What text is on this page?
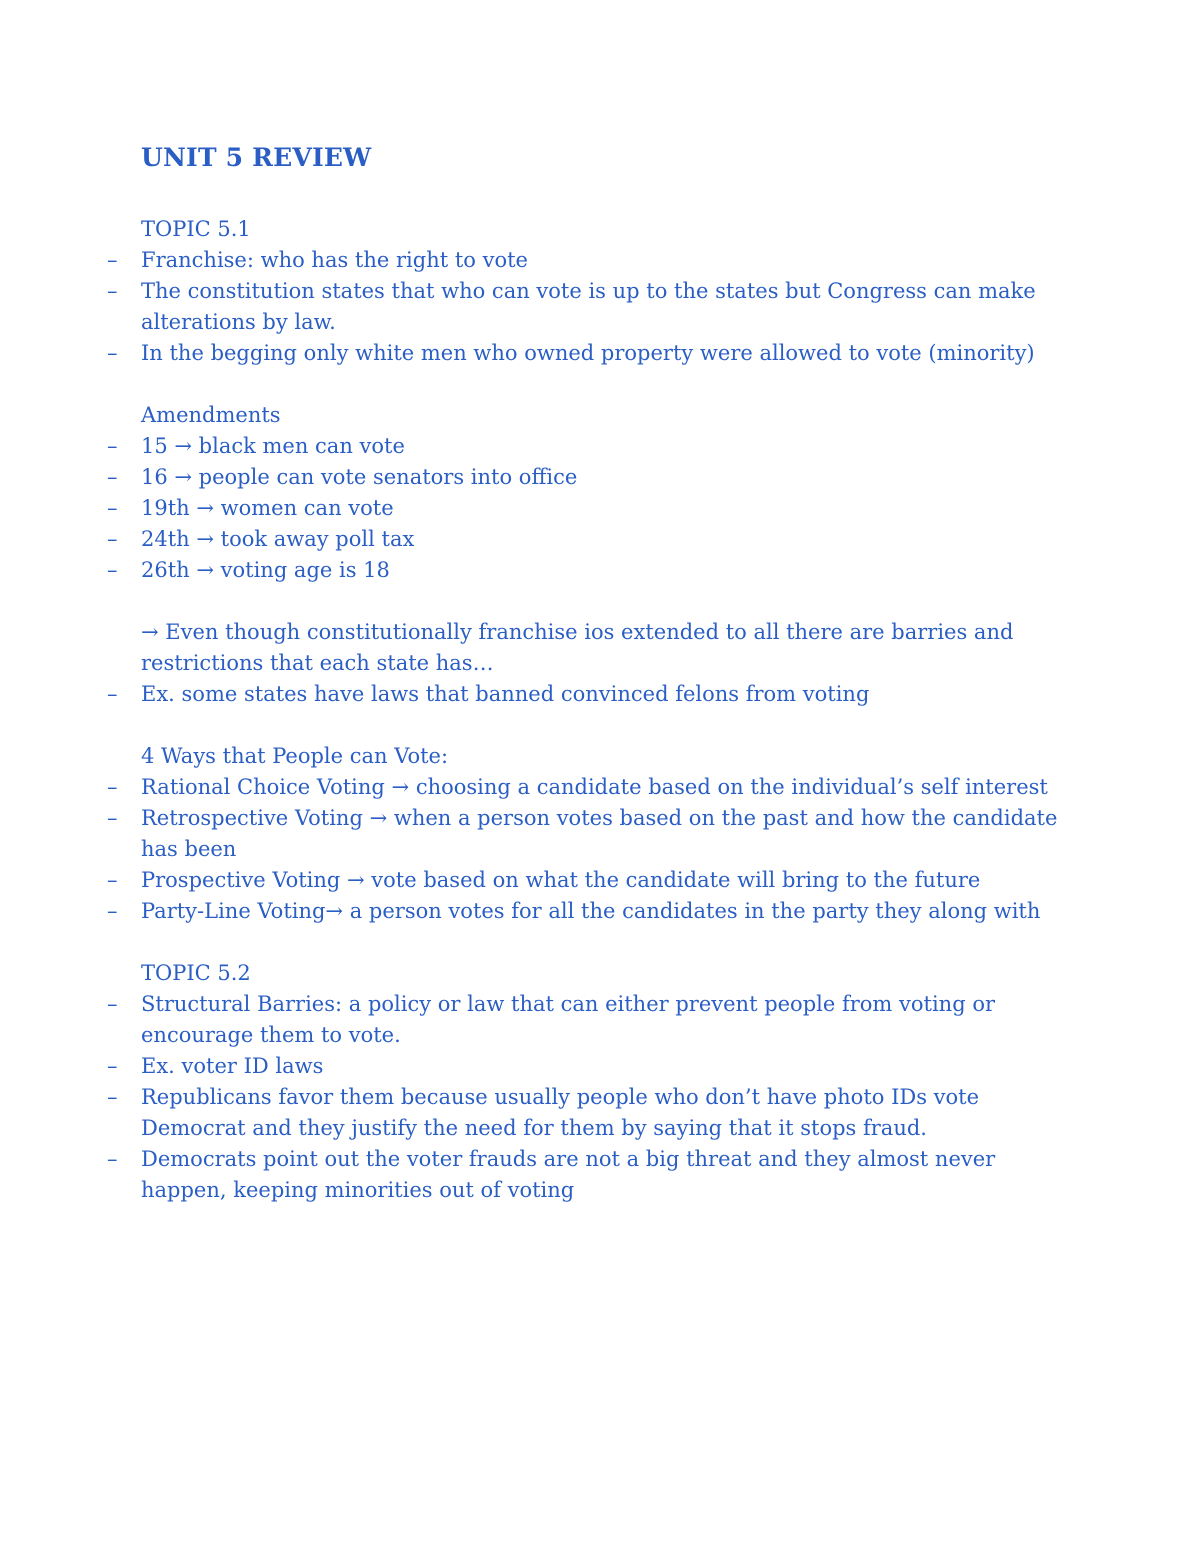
UNIT 5 REVIEW
TOPIC 5.1
– Franchise: who has the right to vote
– The constitution states that who can vote is up to the states but Congress can make alterations by law.
– In the begging only white men who owned property were allowed to vote (minority)
Amendments
– 15 → black men can vote
– 16 → people can vote senators into office
– 19th → women can vote
– 24th → took away poll tax
– 26th → voting age is 18
→ Even though constitutionally franchise ios extended to all there are barries and restrictions that each state has…
– Ex. some states have laws that banned convinced felons from voting
4 Ways that People can Vote:
– Rational Choice Voting → choosing a candidate based on the individual’s self interest
– Retrospective Voting → when a person votes based on the past and how the candidate has been
– Prospective Voting → vote based on what the candidate will bring to the future
– Party-Line Voting→ a person votes for all the candidates in the party they along with
TOPIC 5.2
– Structural Barries: a policy or law that can either prevent people from voting or encourage them to vote.
– Ex. voter ID laws
– Republicans favor them because usually people who don’t have photo IDs vote Democrat and they justify the need for them by saying that it stops fraud.
– Democrats point out the voter frauds are not a big threat and they almost never happen, keeping minorities out of voting
